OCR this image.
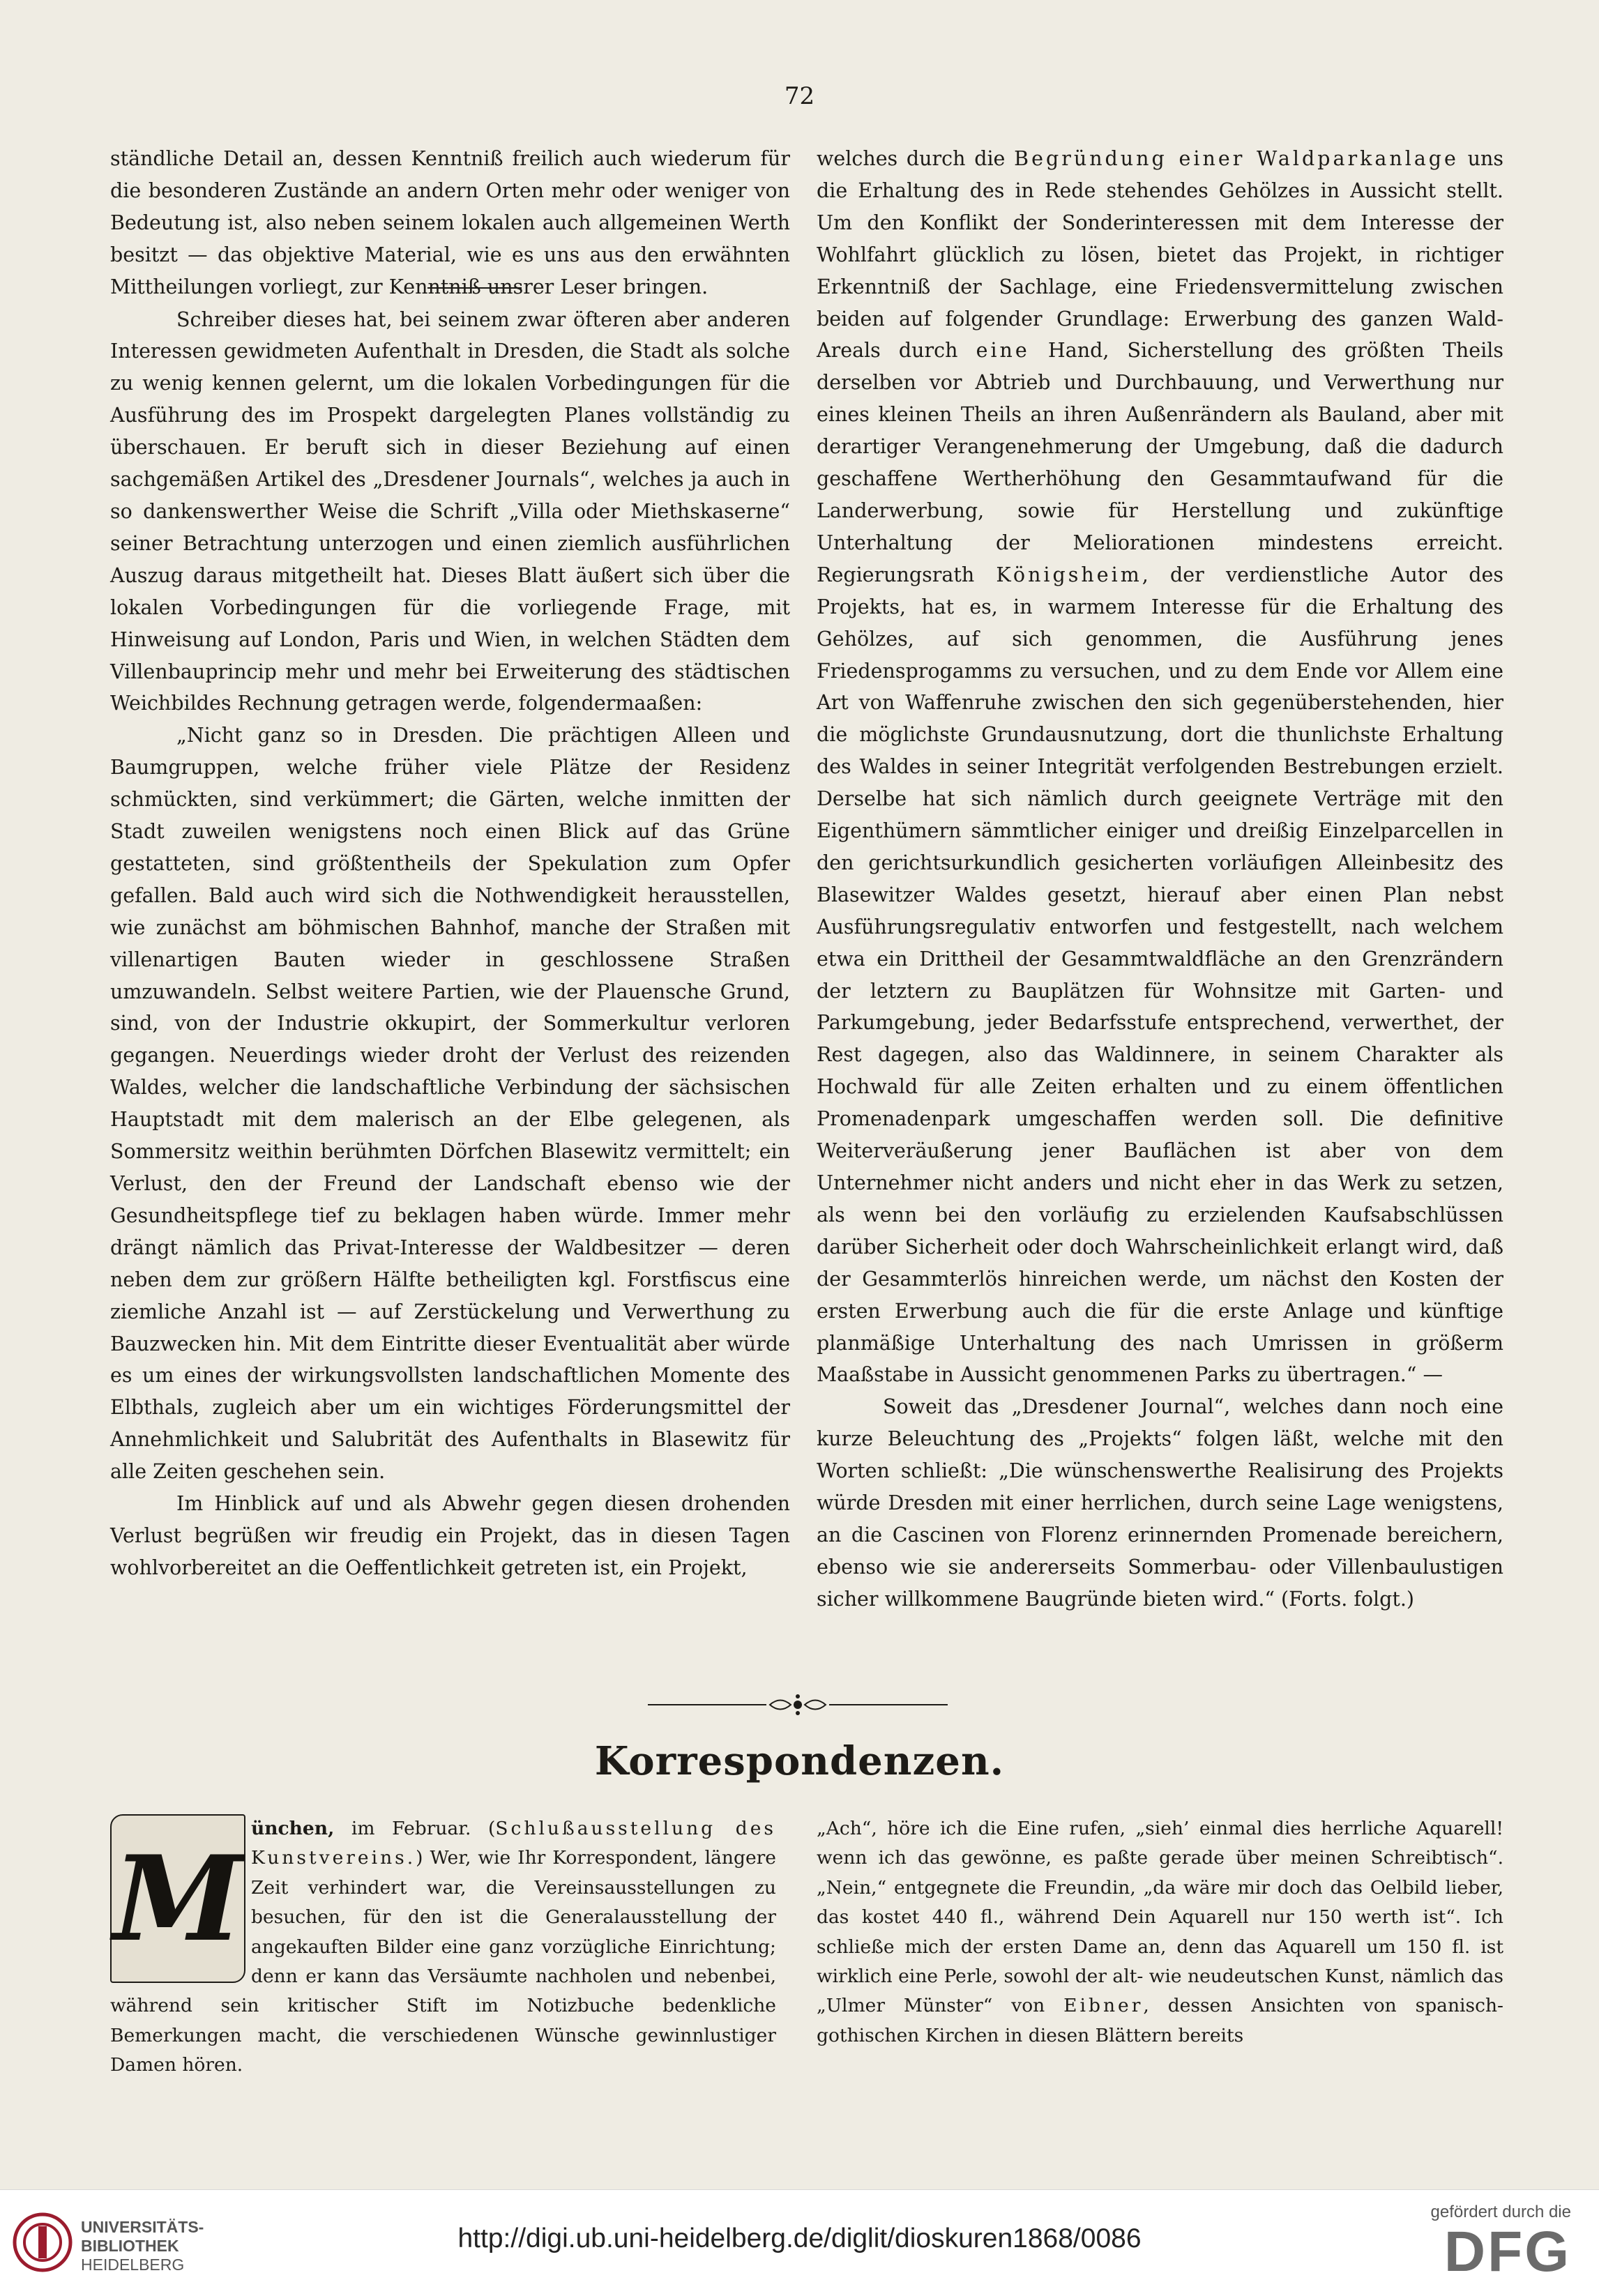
72

ständliche Detail an, dessen Kenntniß freilich auch wiederum für die besonderen Zustände an andern Orten mehr oder weniger von Bedeutung ist, also neben seinem lokalen auch allgemeinen Werth besitzt — das objektive Material, wie es uns aus den erwähnten Mittheilungen vorliegt, zur Kenntniß unsrer Leser bringen.

Schreiber dieses hat, bei seinem zwar öfteren aber anderen Interessen gewidmeten Aufenthalt in Dresden, die Stadt als solche zu wenig kennen gelernt, um die lokalen Vorbedingungen für die Ausführung des im Prospekt dargelegten Planes vollständig zu überschauen. Er beruft sich in dieser Beziehung auf einen sachgemäßen Artikel des „Dresdener Journals“, welches ja auch in so dankenswerther Weise die Schrift „Villa oder Miethskaserne“ seiner Betrachtung unterzogen und einen ziemlich ausführlichen Auszug daraus mitgetheilt hat. Dieses Blatt äußert sich über die lokalen Vorbedingungen für die vorliegende Frage, mit Hinweisung auf London, Paris und Wien, in welchen Städten dem Villenbauprincip mehr und mehr bei Erweiterung des städtischen Weichbildes Rechnung getragen werde, folgendermaaßen:

„Nicht ganz so in Dresden. Die prächtigen Alleen und Baumgruppen, welche früher viele Plätze der Residenz schmückten, sind verkümmert; die Gärten, welche inmitten der Stadt zuweilen wenigstens noch einen Blick auf das Grüne gestatteten, sind größtentheils der Spekulation zum Opfer gefallen. Bald auch wird sich die Nothwendigkeit herausstellen, wie zunächst am böhmischen Bahnhof, manche der Straßen mit villenartigen Bauten wieder in geschlossene Straßen umzuwandeln. Selbst weitere Partien, wie der Plauensche Grund, sind, von der Industrie okkupirt, der Sommerkultur verloren gegangen. Neuerdings wieder droht der Verlust des reizenden Waldes, welcher die landschaftliche Verbindung der sächsischen Hauptstadt mit dem malerisch an der Elbe gelegenen, als Sommersitz weithin berühmten Dörfchen Blasewitz vermittelt; ein Verlust, den der Freund der Landschaft ebenso wie der Gesundheitspflege tief zu beklagen haben würde. Immer mehr drängt nämlich das Privat-Interesse der Waldbesitzer — deren neben dem zur größern Hälfte betheiligten kgl. Forstfiscus eine ziemliche Anzahl ist — auf Zerstückelung und Verwerthung zu Bauzwecken hin. Mit dem Eintritte dieser Eventualität aber würde es um eines der wirkungsvollsten landschaftlichen Momente des Elbthals, zugleich aber um ein wichtiges Förderungsmittel der Annehmlichkeit und Salubrität des Aufenthalts in Blasewitz für alle Zeiten geschehen sein.

Im Hinblick auf und als Abwehr gegen diesen drohenden Verlust begrüßen wir freudig ein Projekt, das in diesen Tagen wohlvorbereitet an die Oeffentlichkeit getreten ist, ein Projekt,

welches durch die Begründung einer Waldparkanlage uns die Erhaltung des in Rede stehendes Gehölzes in Aussicht stellt. Um den Konflikt der Sonderinteressen mit dem Interesse der Wohlfahrt glücklich zu lösen, bietet das Projekt, in richtiger Erkenntniß der Sachlage, eine Friedensvermittelung zwischen beiden auf folgender Grundlage: Erwerbung des ganzen Wald-Areals durch eine Hand, Sicherstellung des größten Theils derselben vor Abtrieb und Durchbauung, und Verwerthung nur eines kleinen Theils an ihren Außenrändern als Bauland, aber mit derartiger Verangenehmerung der Umgebung, daß die dadurch geschaffene Wertherhöhung den Gesammtaufwand für die Landerwerbung, sowie für Herstellung und zukünftige Unterhaltung der Meliorationen mindestens erreicht. Regierungsrath Königsheim, der verdienstliche Autor des Projekts, hat es, in warmem Interesse für die Erhaltung des Gehölzes, auf sich genommen, die Ausführung jenes Friedensprogamms zu versuchen, und zu dem Ende vor Allem eine Art von Waffenruhe zwischen den sich gegenüberstehenden, hier die möglichste Grundausnutzung, dort die thunlichste Erhaltung des Waldes in seiner Integrität verfolgenden Bestrebungen erzielt. Derselbe hat sich nämlich durch geeignete Verträge mit den Eigenthümern sämmtlicher einiger und dreißig Einzelparcellen in den gerichtsurkundlich gesicherten vorläufigen Alleinbesitz des Blasewitzer Waldes gesetzt, hierauf aber einen Plan nebst Ausführungsregulativ entworfen und festgestellt, nach welchem etwa ein Drittheil der Gesammtwaldfläche an den Grenzrändern der letztern zu Bauplätzen für Wohnsitze mit Garten- und Parkumgebung, jeder Bedarfsstufe entsprechend, verwerthet, der Rest dagegen, also das Waldinnere, in seinem Charakter als Hochwald für alle Zeiten erhalten und zu einem öffentlichen Promenadenpark umgeschaffen werden soll. Die definitive Weiterveräußerung jener Bauflächen ist aber von dem Unternehmer nicht anders und nicht eher in das Werk zu setzen, als wenn bei den vorläufig zu erzielenden Kaufsabschlüssen darüber Sicherheit oder doch Wahrscheinlichkeit erlangt wird, daß der Gesammterlös hinreichen werde, um nächst den Kosten der ersten Erwerbung auch die für die erste Anlage und künftige planmäßige Unterhaltung des nach Umrissen in größerm Maaßstabe in Aussicht genommenen Parks zu übertragen.“ —

Soweit das „Dresdener Journal“, welches dann noch eine kurze Beleuchtung des „Projekts“ folgen läßt, welche mit den Worten schließt: „Die wünschenswerthe Realisirung des Projekts würde Dresden mit einer herrlichen, durch seine Lage wenigstens, an die Cascinen von Florenz erinnernden Promenade bereichern, ebenso wie sie andererseits Sommerbau- oder Villenbaulustigen sicher willkommene Baugründe bieten wird.“ (Forts. folgt.)

Korrespondenzen.
M

ünchen, im Februar. (Schlußausstellung des Kunstvereins.) Wer, wie Ihr Korrespondent, längere Zeit verhindert war, die Vereinsausstellungen zu besuchen, für den ist die Generalausstellung der angekauften Bilder eine ganz vorzügliche Einrichtung; denn er kann das Versäumte nachholen und nebenbei, während sein kritischer Stift im Notizbuche bedenkliche Bemerkungen macht, die verschiedenen Wünsche gewinnlustiger Damen hören.

„Ach“, höre ich die Eine rufen, „sieh’ einmal dies herrliche Aquarell! wenn ich das gewönne, es paßte gerade über meinen Schreibtisch“. „Nein,“ entgegnete die Freundin, „da wäre mir doch das Oelbild lieber, das kostet 440 fl., während Dein Aquarell nur 150 werth ist“. Ich schließe mich der ersten Dame an, denn das Aquarell um 150 fl. ist wirklich eine Perle, sowohl der alt- wie neudeutschen Kunst, nämlich das „Ulmer Münster“ von Eibner, dessen Ansichten von spanisch-gothischen Kirchen in diesen Blättern bereits

UNIVERSITÄTS-
BIBLIOTHEK
HEIDELBERG
http://digi.ub.uni-heidelberg.de/diglit/dioskuren1868/0086
gefördert durch die
DFG
